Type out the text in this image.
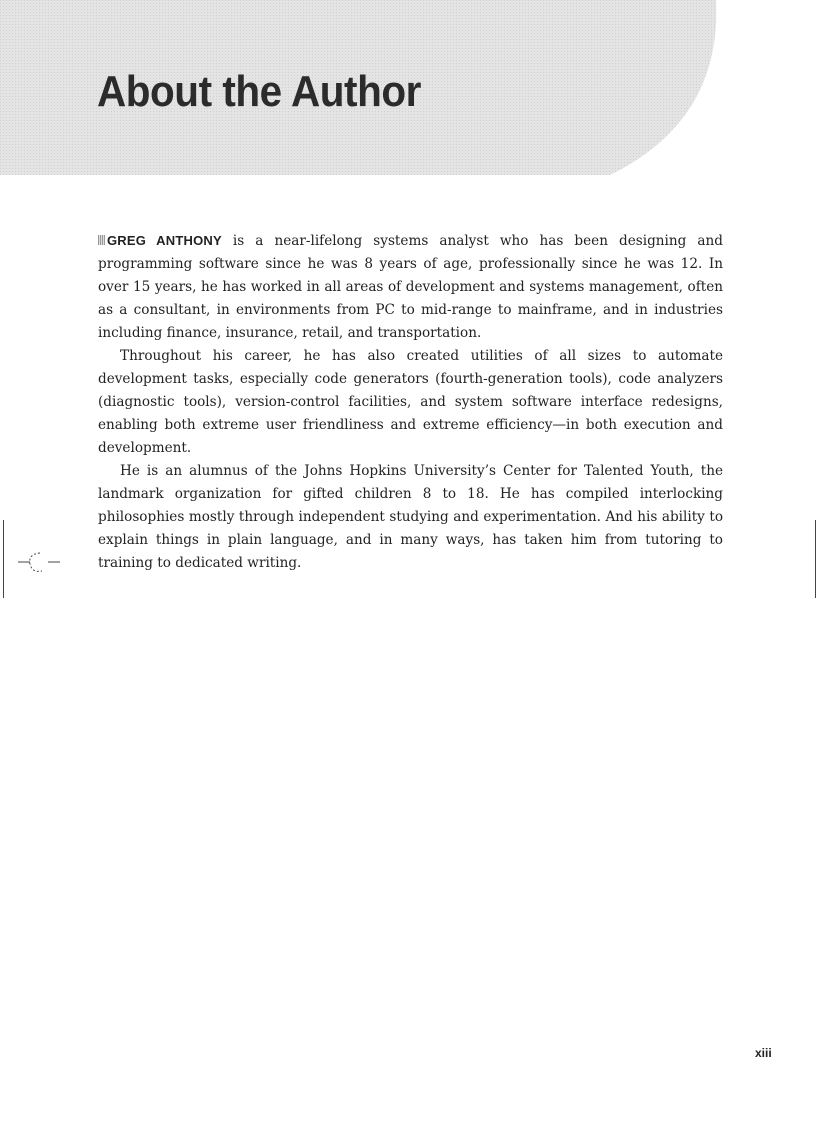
About the Author

GREG ANTHONY is a near-lifelong systems analyst who has been designing and programming software since he was 8 years of age, professionally since he was 12. In over 15 years, he has worked in all areas of development and systems management, often as a consultant, in environments from PC to mid-range to mainframe, and in industries including finance, insurance, retail, and transportation.

Throughout his career, he has also created utilities of all sizes to automate development tasks, especially code generators (fourth-generation tools), code analyzers (diagnostic tools), version-control facilities, and system software interface redesigns, enabling both extreme user friendliness and extreme efficiency—in both execution and development.

He is an alumnus of the Johns Hopkins University’s Center for Talented Youth, the landmark organization for gifted children 8 to 18. He has compiled interlocking philosophies mostly through independent studying and experimentation. And his ability to explain things in plain language, and in many ways, has taken him from tutoring to training to dedicated writing.

xiii
